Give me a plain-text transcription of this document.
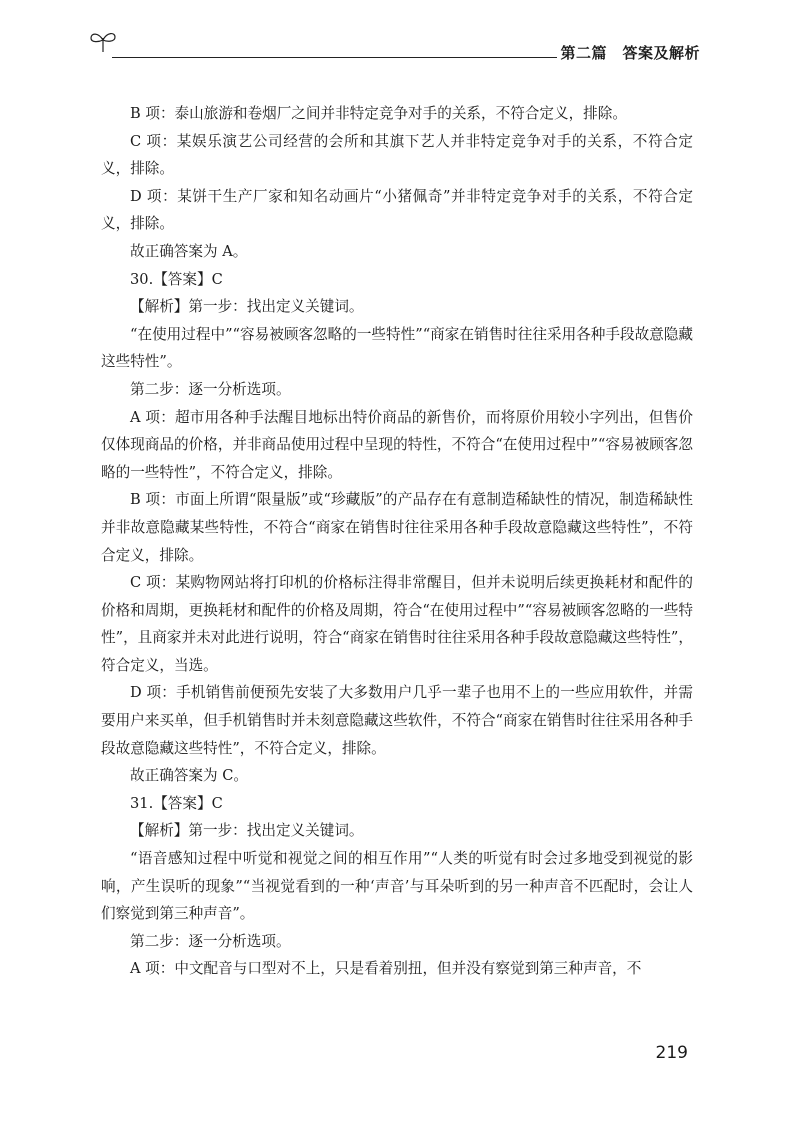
第二篇　答案及解析

B 项：泰山旅游和卷烟厂之间并非特定竞争对手的关系，不符合定义，排除。

C 项：某娱乐演艺公司经营的会所和其旗下艺人并非特定竞争对手的关系，不符合定义，排除。

D 项：某饼干生产厂家和知名动画片“小猪佩奇”并非特定竞争对手的关系，不符合定义，排除。

故正确答案为 A。

30.【答案】C

【解析】第一步：找出定义关键词。

“在使用过程中”“容易被顾客忽略的一些特性”“商家在销售时往往采用各种手段故意隐藏这些特性”。

第二步：逐一分析选项。

A 项：超市用各种手法醒目地标出特价商品的新售价，而将原价用较小字列出，但售价仅体现商品的价格，并非商品使用过程中呈现的特性，不符合“在使用过程中”“容易被顾客忽略的一些特性”，不符合定义，排除。

B 项：市面上所谓“限量版”或“珍藏版”的产品存在有意制造稀缺性的情况，制造稀缺性并非故意隐藏某些特性，不符合“商家在销售时往往采用各种手段故意隐藏这些特性”，不符合定义，排除。

C 项：某购物网站将打印机的价格标注得非常醒目，但并未说明后续更换耗材和配件的价格和周期，更换耗材和配件的价格及周期，符合“在使用过程中”“容易被顾客忽略的一些特性”，且商家并未对此进行说明，符合“商家在销售时往往采用各种手段故意隐藏这些特性”，符合定义，当选。

D 项：手机销售前便预先安装了大多数用户几乎一辈子也用不上的一些应用软件，并需要用户来买单，但手机销售时并未刻意隐藏这些软件，不符合“商家在销售时往往采用各种手段故意隐藏这些特性”，不符合定义，排除。

故正确答案为 C。

31.【答案】C

【解析】第一步：找出定义关键词。

“语音感知过程中听觉和视觉之间的相互作用”“人类的听觉有时会过多地受到视觉的影响，产生误听的现象”“当视觉看到的一种‘声音’与耳朵听到的另一种声音不匹配时，会让人们察觉到第三种声音”。

第二步：逐一分析选项。

A 项：中文配音与口型对不上，只是看着别扭，但并没有察觉到第三种声音，不

219
